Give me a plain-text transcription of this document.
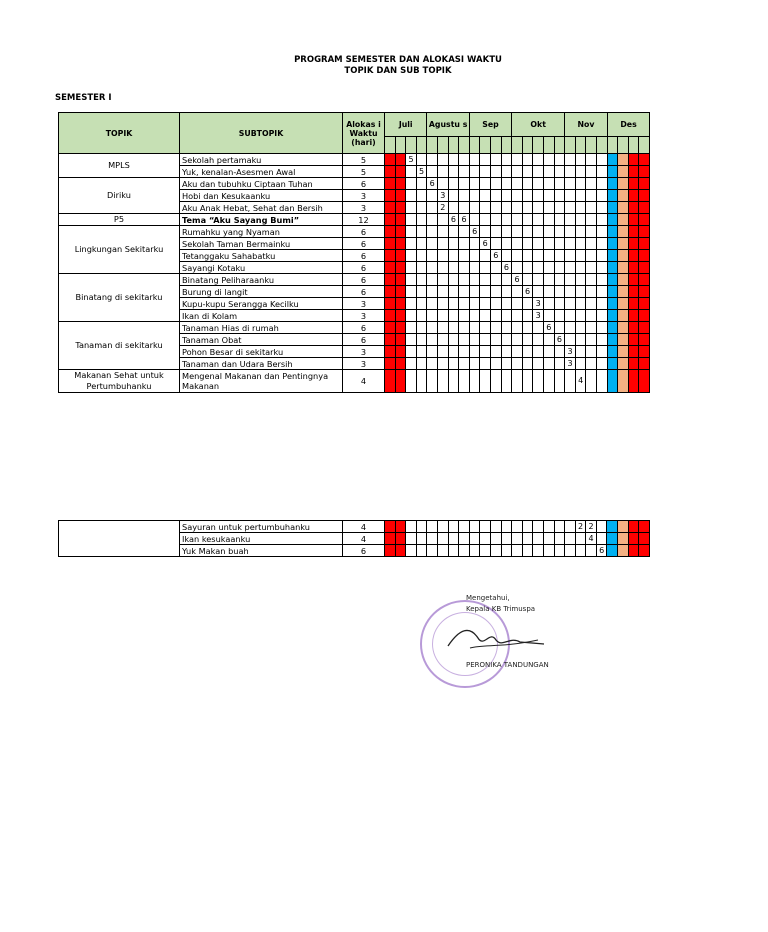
PROGRAM SEMESTER DAN ALOKASI WAKTU
TOPIK DAN SUB TOPIK
SEMESTER I
TOPIK	SUBTOPIK	Alokas i Waktu (hari)	Juli				Agustu s				Sep				Okt					Nov				Des			

MPLS	Sekolah pertamaku	5			5																						
	Yuk, kenalan-Asesmen Awal	5				5																					
Diriku	Aku dan tubuhku Ciptaan Tuhan	6					6																				
	Hobi dan Kesukaanku	3						3																			
	Aku Anak Hebat, Sehat dan Bersih	3						2																			
P5	Tema “Aku Sayang Bumi”	12							6	6																	
Lingkungan Sekitarku	Rumahku yang Nyaman	6									6																
	Sekolah Taman Bermainku	6										6															
	Tetanggaku Sahabatku	6											6														
	Sayangi Kotaku	6												6													
Binatang di sekitarku	Binatang Peliharaanku	6													6												
	Burung di langit	6														6											
	Kupu-kupu Serangga Kecilku	3															3										
	Ikan di Kolam	3															3										
Tanaman di sekitarku	Tanaman Hias di rumah	6																6									
	Tanaman Obat	6																	6								
	Pohon Besar di sekitarku	3																		3							
	Tanaman dan Udara Bersih	3																		3							
Makanan Sehat untuk Pertumbuhanku	Mengenal Makanan dan Pentingnya Makanan	4																			4						
	Sayuran untuk pertumbuhanku	4																			2	2					
	Ikan kesukaanku	4																				4					
	Yuk Makan buah	6																					6				
Mengetahui,
Kepala KB Trimuspa
PERONIKA TANDUNGAN
